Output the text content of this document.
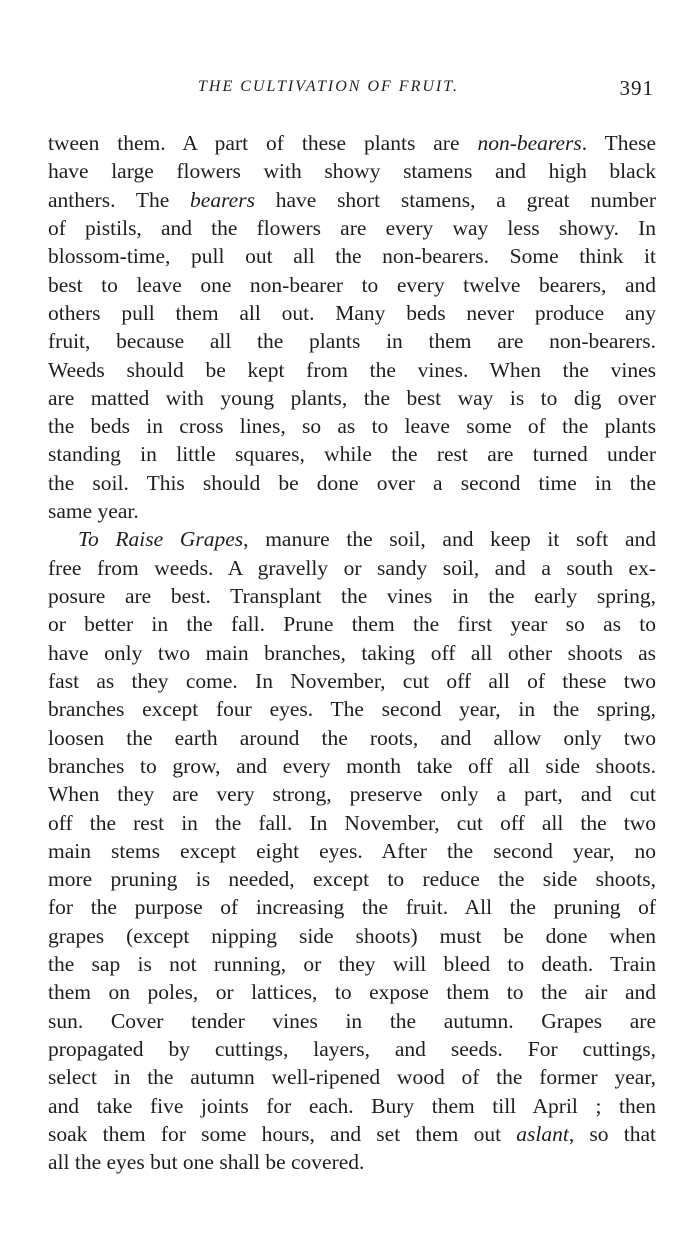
THE CULTIVATION OF FRUIT.	391
tween them. A part of these plants are non-bearers. These
have large flowers with showy stamens and high black
anthers. The bearers have short stamens, a great number
of pistils, and the flowers are every way less showy. In
blossom-time, pull out all the non-bearers. Some think it
best to leave one non-bearer to every twelve bearers, and
others pull them all out. Many beds never produce any
fruit, because all the plants in them are non-bearers.
Weeds should be kept from the vines. When the vines
are matted with young plants, the best way is to dig over
the beds in cross lines, so as to leave some of the plants
standing in little squares, while the rest are turned under
the soil. This should be done over a second time in the
same year.
To Raise Grapes, manure the soil, and keep it soft and
free from weeds. A gravelly or sandy soil, and a south ex-
posure are best. Transplant the vines in the early spring,
or better in the fall. Prune them the first year so as to
have only two main branches, taking off all other shoots as
fast as they come. In November, cut off all of these two
branches except four eyes. The second year, in the spring,
loosen the earth around the roots, and allow only two
branches to grow, and every month take off all side shoots.
When they are very strong, preserve only a part, and cut
off the rest in the fall. In November, cut off all the two
main stems except eight eyes. After the second year, no
more pruning is needed, except to reduce the side shoots,
for the purpose of increasing the fruit. All the pruning of
grapes (except nipping side shoots) must be done when
the sap is not running, or they will bleed to death. Train
them on poles, or lattices, to expose them to the air and
sun. Cover tender vines in the autumn. Grapes are
propagated by cuttings, layers, and seeds. For cuttings,
select in the autumn well-ripened wood of the former year,
and take five joints for each. Bury them till April ; then
soak them for some hours, and set them out aslant, so that
all the eyes but one shall be covered.
